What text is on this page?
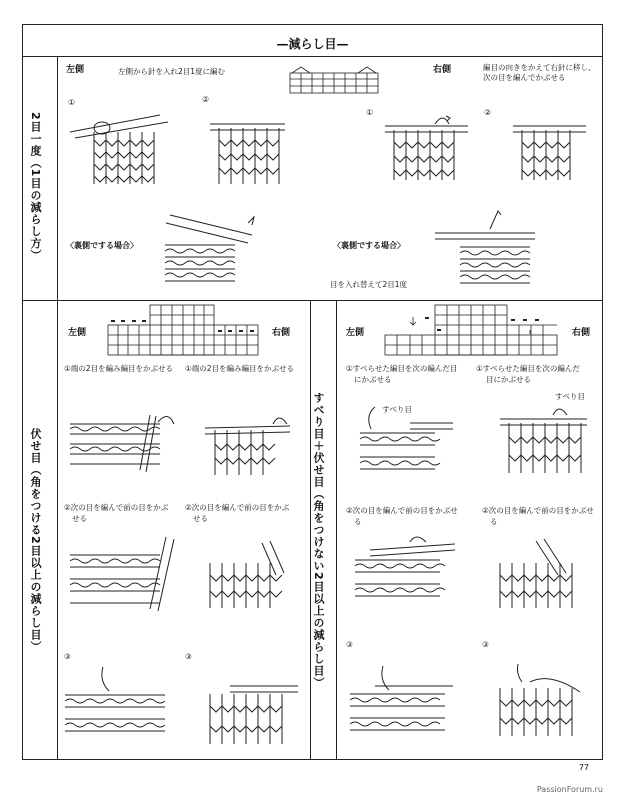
—減らし目—
2目一度（1目の減らし方）
伏せ目（角をつける2目以上の減らし目）	すべり目＋伏せ目
（角をつけない2目以上の減らし目）
左側	左側から針を入れ2目1度に編む	右側	編目の向きをかえて右針に移し、
次の目を編んでかぶせる
①	②
①	②
〈裏側でする場合〉	〈裏側でする場合〉
目を入れ替えて2目1度
左側	右側
①端の2目を編み編目をかぶせる ①端の2目を編み編目をかぶせる
②次の目を編んで前の目をかぶ
せる
②次の目を編んで前の目をかぶ
せる
③	③
左側	右側
①すべらせた編目を次の編んだ目
にかぶせる
①すべらせた編目を次の編んだ
目にかぶせる
すべり目
すべり目
②次の目を編んで前の目をかぶせ
る
②次の目を編んで前の目をかぶせ
る
③	③
77
PassionForum.ru
